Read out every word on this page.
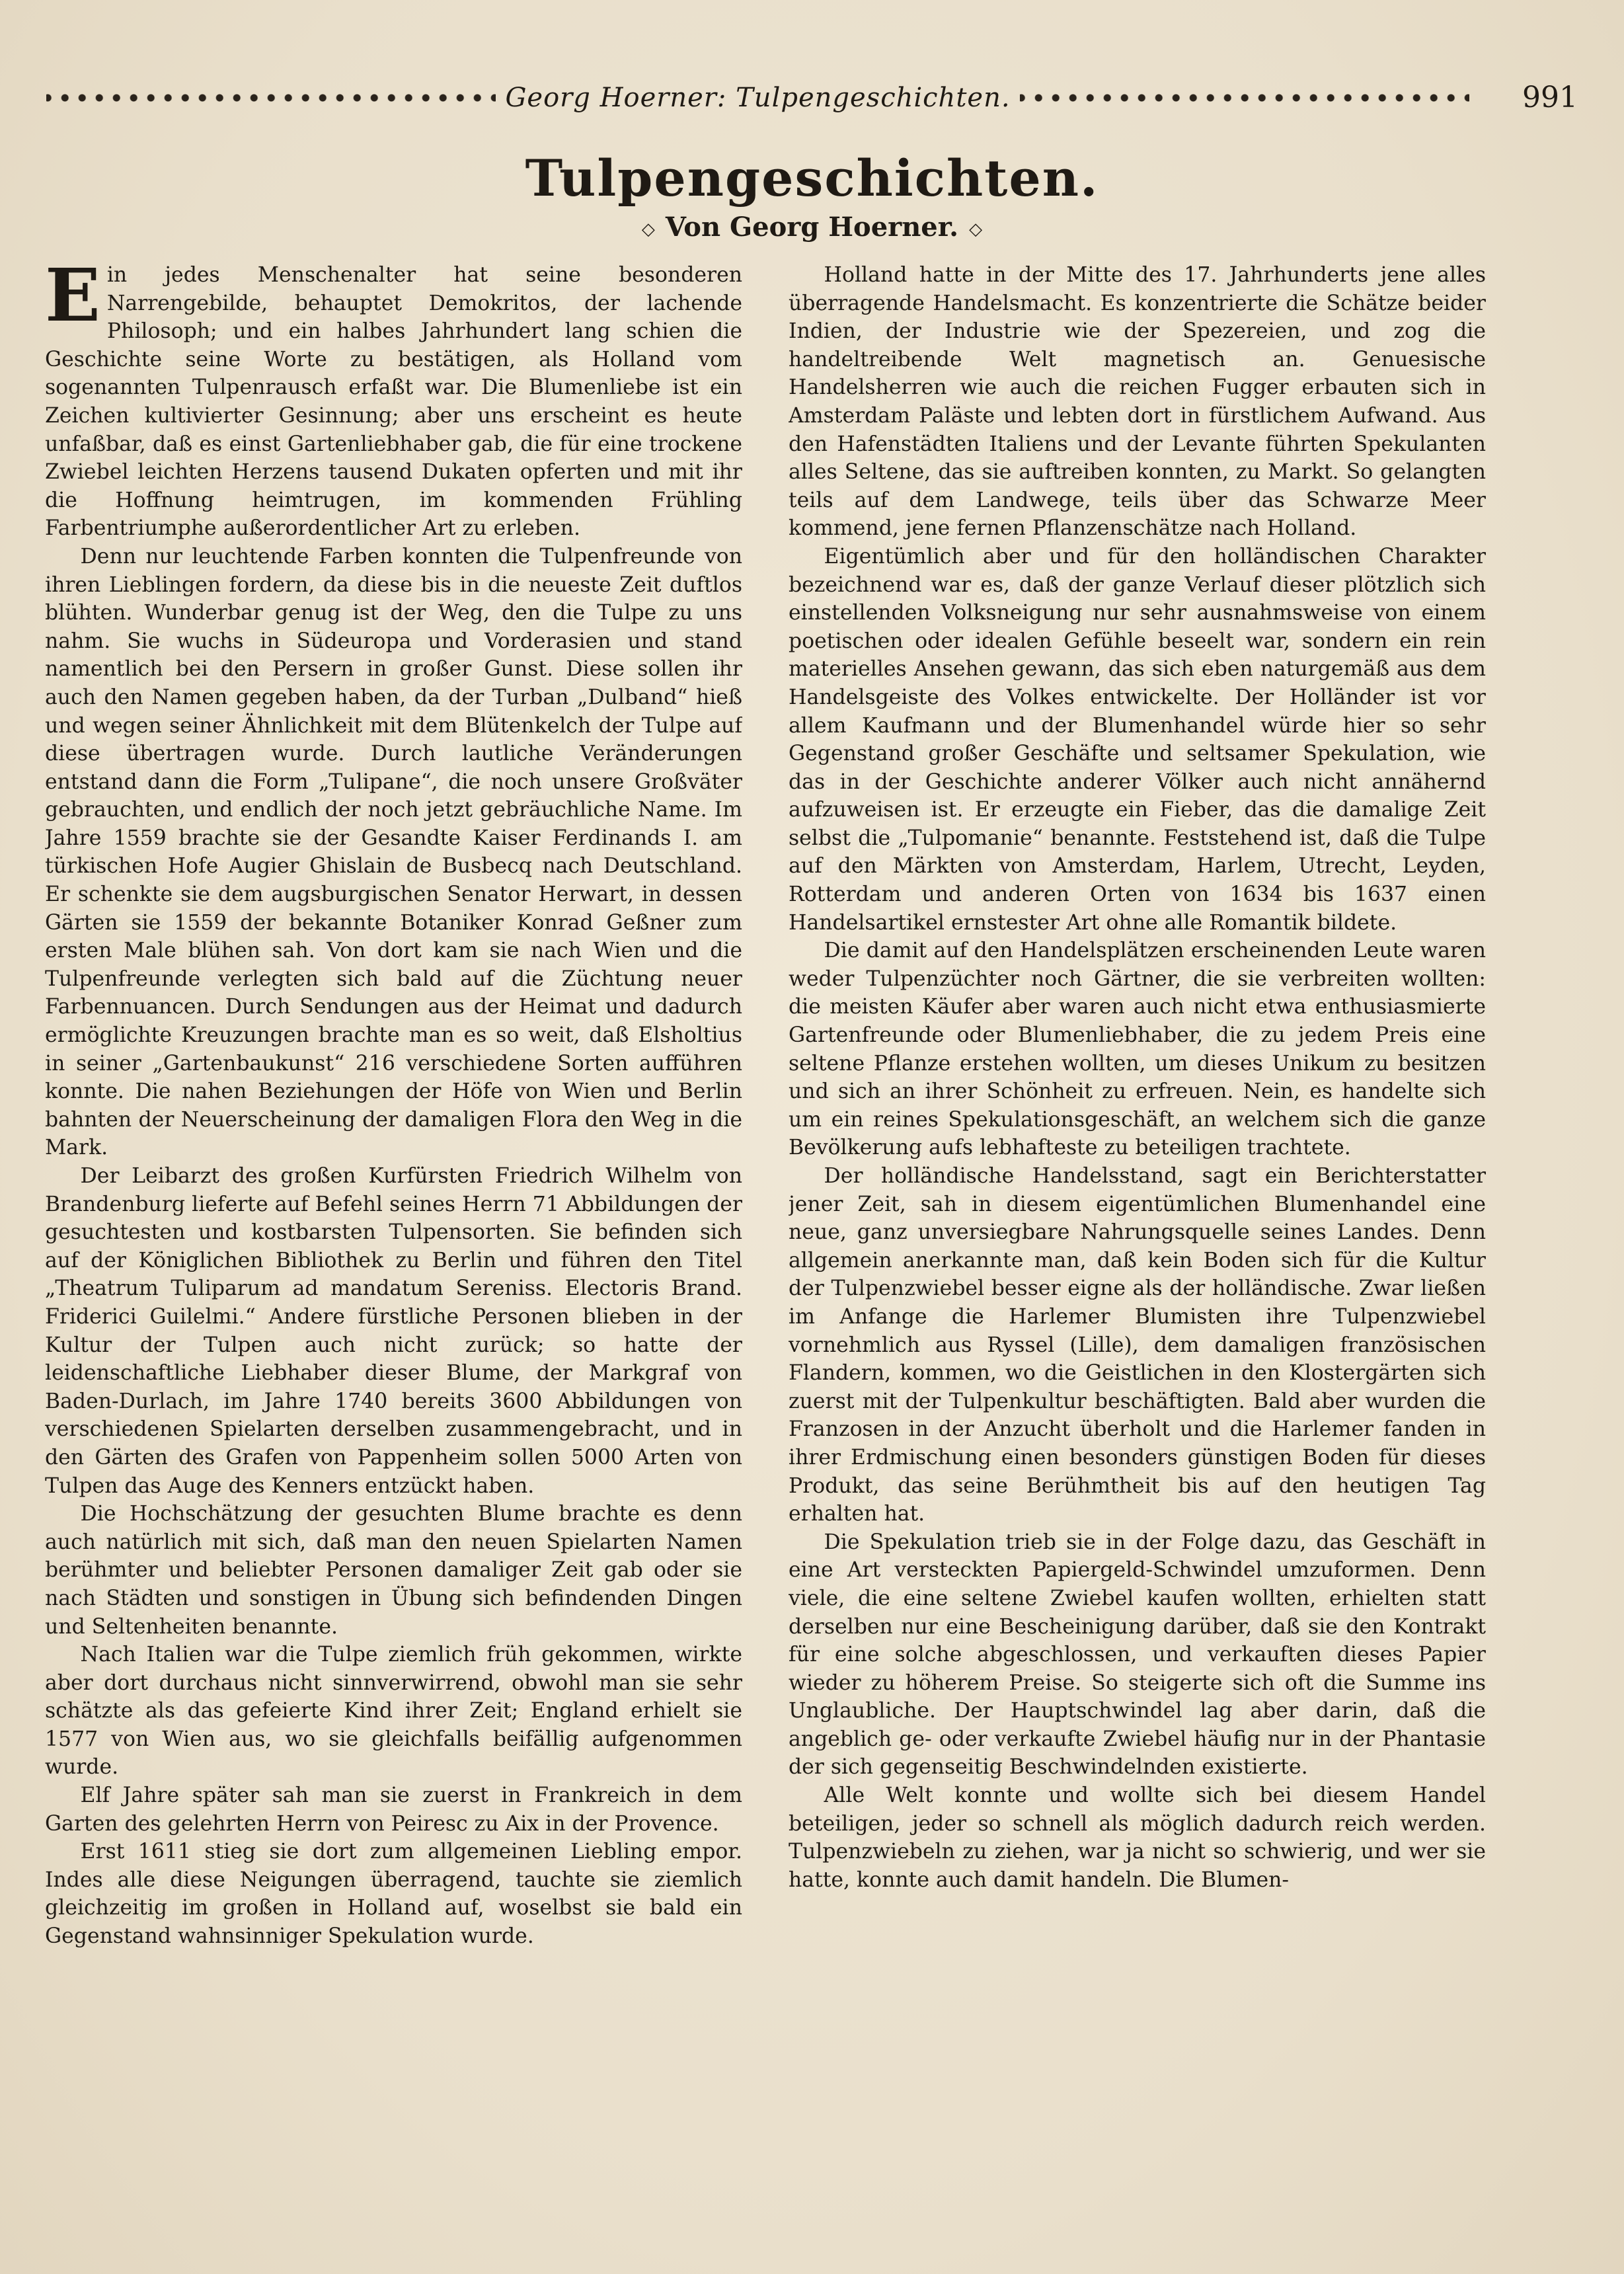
Georg Hoerner: Tulpengeschichten.	991
Tulpengeschichten.
◇ Von Georg Hoerner. ◇

Ein jedes Menschenalter hat seine besonderen Narrengebilde, behauptet Demokritos, der lachende Philosoph; und ein halbes Jahrhundert lang schien die Geschichte seine Worte zu bestätigen, als Holland vom sogenannten Tulpenrausch erfaßt war. Die Blumenliebe ist ein Zeichen kultivierter Gesinnung; aber uns erscheint es heute unfaßbar, daß es einst Gartenliebhaber gab, die für eine trockene Zwiebel leichten Herzens tausend Dukaten opferten und mit ihr die Hoffnung heimtrugen, im kommenden Frühling Farbentriumphe außerordentlicher Art zu erleben.

Denn nur leuchtende Farben konnten die Tulpenfreunde von ihren Lieblingen fordern, da diese bis in die neueste Zeit duftlos blühten. Wunderbar genug ist der Weg, den die Tulpe zu uns nahm. Sie wuchs in Südeuropa und Vorderasien und stand namentlich bei den Persern in großer Gunst. Diese sollen ihr auch den Namen gegeben haben, da der Turban „Dulband“ hieß und wegen seiner Ähnlichkeit mit dem Blütenkelch der Tulpe auf diese übertragen wurde. Durch lautliche Veränderungen entstand dann die Form „Tulipane“, die noch unsere Großväter gebrauchten, und endlich der noch jetzt gebräuchliche Name. Im Jahre 1559 brachte sie der Gesandte Kaiser Ferdinands I. am türkischen Hofe Augier Ghislain de Busbecq nach Deutschland. Er schenkte sie dem augsburgischen Senator Herwart, in dessen Gärten sie 1559 der bekannte Botaniker Konrad Geßner zum ersten Male blühen sah. Von dort kam sie nach Wien und die Tulpenfreunde verlegten sich bald auf die Züchtung neuer Farbennuancen. Durch Sendungen aus der Heimat und dadurch ermöglichte Kreuzungen brachte man es so weit, daß Elsholtius in seiner „Gartenbaukunst“ 216 verschiedene Sorten aufführen konnte. Die nahen Beziehungen der Höfe von Wien und Berlin bahnten der Neuerscheinung der damaligen Flora den Weg in die Mark.

Der Leibarzt des großen Kurfürsten Friedrich Wilhelm von Brandenburg lieferte auf Befehl seines Herrn 71 Abbildungen der gesuchtesten und kostbarsten Tulpensorten. Sie befinden sich auf der Königlichen Bibliothek zu Berlin und führen den Titel „Theatrum Tuliparum ad mandatum Sereniss. Electoris Brand. Friderici Guilelmi.“ Andere fürstliche Personen blieben in der Kultur der Tulpen auch nicht zurück; so hatte der leidenschaftliche Liebhaber dieser Blume, der Markgraf von Baden-Durlach, im Jahre 1740 bereits 3600 Abbildungen von verschiedenen Spielarten derselben zusammengebracht, und in den Gärten des Grafen von Pappenheim sollen 5000 Arten von Tulpen das Auge des Kenners entzückt haben.

Die Hochschätzung der gesuchten Blume brachte es denn auch natürlich mit sich, daß man den neuen Spielarten Namen berühmter und beliebter Personen damaliger Zeit gab oder sie nach Städten und sonstigen in Übung sich befindenden Dingen und Seltenheiten benannte.

Nach Italien war die Tulpe ziemlich früh gekommen, wirkte aber dort durchaus nicht sinnverwirrend, obwohl man sie sehr schätzte als das gefeierte Kind ihrer Zeit; England erhielt sie 1577 von Wien aus, wo sie gleichfalls beifällig aufgenommen wurde.

Elf Jahre später sah man sie zuerst in Frankreich in dem Garten des gelehrten Herrn von Peiresc zu Aix in der Provence.

Erst 1611 stieg sie dort zum allgemeinen Liebling empor. Indes alle diese Neigungen überragend, tauchte sie ziemlich gleichzeitig im großen in Holland auf, woselbst sie bald ein Gegenstand wahnsinniger Spekulation wurde.

Holland hatte in der Mitte des 17. Jahrhunderts jene alles überragende Handelsmacht. Es konzentrierte die Schätze beider Indien, der Industrie wie der Spezereien, und zog die handeltreibende Welt magnetisch an. Genuesische Handelsherren wie auch die reichen Fugger erbauten sich in Amsterdam Paläste und lebten dort in fürstlichem Aufwand. Aus den Hafenstädten Italiens und der Levante führten Spekulanten alles Seltene, das sie auftreiben konnten, zu Markt. So gelangten teils auf dem Landwege, teils über das Schwarze Meer kommend, jene fernen Pflanzenschätze nach Holland.

Eigentümlich aber und für den holländischen Charakter bezeichnend war es, daß der ganze Verlauf dieser plötzlich sich einstellenden Volksneigung nur sehr ausnahmsweise von einem poetischen oder idealen Gefühle beseelt war, sondern ein rein materielles Ansehen gewann, das sich eben naturgemäß aus dem Handelsgeiste des Volkes entwickelte. Der Holländer ist vor allem Kaufmann und der Blumenhandel würde hier so sehr Gegenstand großer Geschäfte und seltsamer Spekulation, wie das in der Geschichte anderer Völker auch nicht annähernd aufzuweisen ist. Er erzeugte ein Fieber, das die damalige Zeit selbst die „Tulpomanie“ benannte. Feststehend ist, daß die Tulpe auf den Märkten von Amsterdam, Harlem, Utrecht, Leyden, Rotterdam und anderen Orten von 1634 bis 1637 einen Handelsartikel ernstester Art ohne alle Romantik bildete.

Die damit auf den Handelsplätzen erscheinenden Leute waren weder Tulpenzüchter noch Gärtner, die sie verbreiten wollten: die meisten Käufer aber waren auch nicht etwa enthusiasmierte Gartenfreunde oder Blumenliebhaber, die zu jedem Preis eine seltene Pflanze erstehen wollten, um dieses Unikum zu besitzen und sich an ihrer Schönheit zu erfreuen. Nein, es handelte sich um ein reines Spekulationsgeschäft, an welchem sich die ganze Bevölkerung aufs lebhafteste zu beteiligen trachtete.

Der holländische Handelsstand, sagt ein Berichterstatter jener Zeit, sah in diesem eigentümlichen Blumenhandel eine neue, ganz unversiegbare Nahrungsquelle seines Landes. Denn allgemein anerkannte man, daß kein Boden sich für die Kultur der Tulpenzwiebel besser eigne als der holländische. Zwar ließen im Anfange die Harlemer Blumisten ihre Tulpenzwiebel vornehmlich aus Ryssel (Lille), dem damaligen französischen Flandern, kommen, wo die Geistlichen in den Klostergärten sich zuerst mit der Tulpenkultur beschäftigten. Bald aber wurden die Franzosen in der Anzucht überholt und die Harlemer fanden in ihrer Erdmischung einen besonders günstigen Boden für dieses Produkt, das seine Berühmtheit bis auf den heutigen Tag erhalten hat.

Die Spekulation trieb sie in der Folge dazu, das Geschäft in eine Art versteckten Papiergeld-Schwindel umzuformen. Denn viele, die eine seltene Zwiebel kaufen wollten, erhielten statt derselben nur eine Bescheinigung darüber, daß sie den Kontrakt für eine solche abgeschlossen, und verkauften dieses Papier wieder zu höherem Preise. So steigerte sich oft die Summe ins Unglaubliche. Der Hauptschwindel lag aber darin, daß die angeblich ge- oder verkaufte Zwiebel häufig nur in der Phantasie der sich gegenseitig Beschwindelnden existierte.

Alle Welt konnte und wollte sich bei diesem Handel beteiligen, jeder so schnell als möglich dadurch reich werden. Tulpenzwiebeln zu ziehen, war ja nicht so schwierig, und wer sie hatte, konnte auch damit handeln. Die Blumen-
